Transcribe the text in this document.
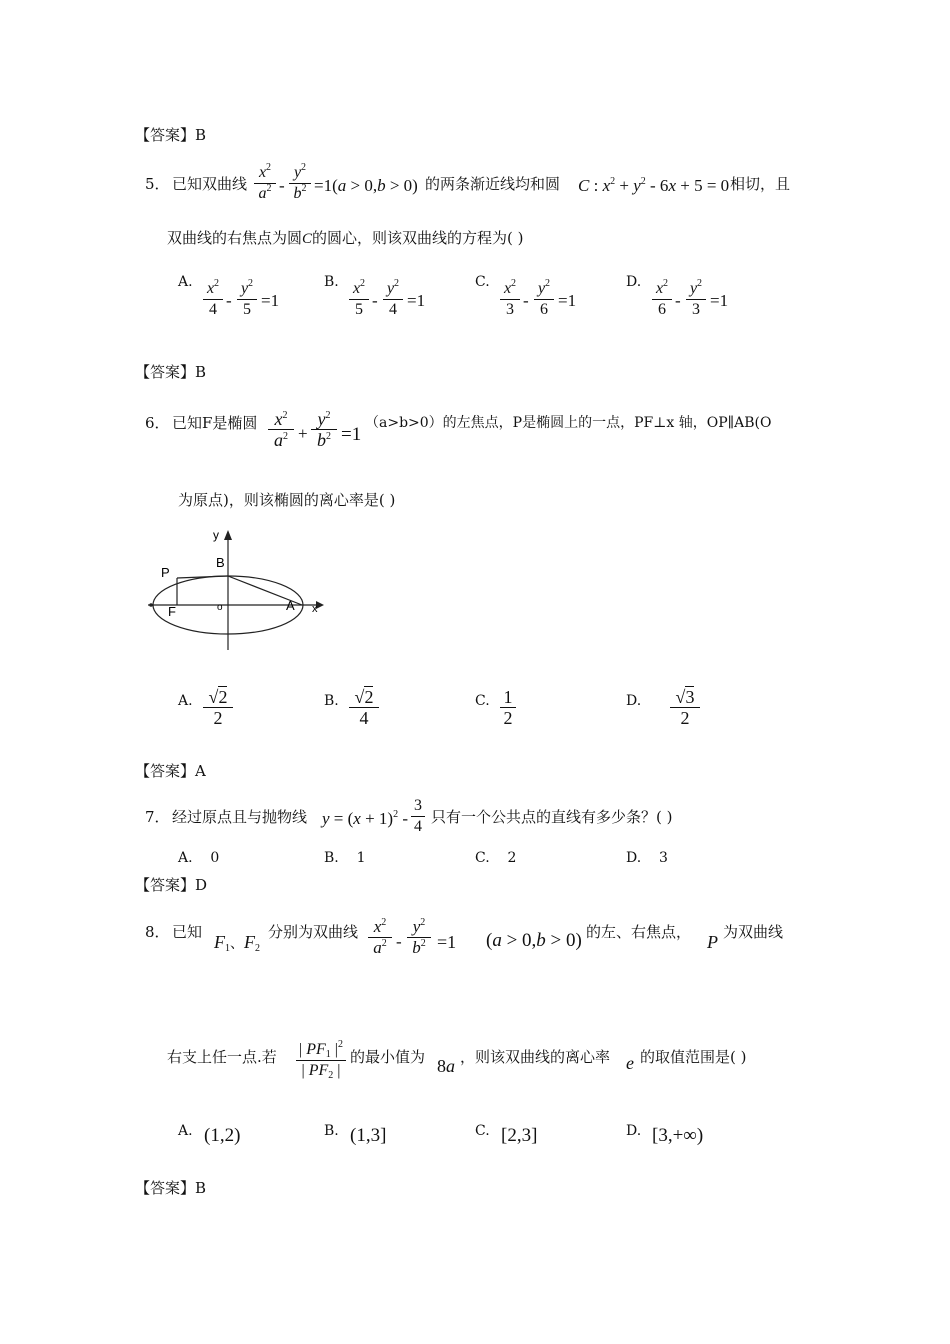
【答案】B
5． 已知双曲线
$x^2$
$a^2$ -
$y^2$
$b^2 =1(a > 0,b > 0)$ 的两条渐近线均和圆 C : $x^2 + y^2 - 6x + 5 = 0$ 相切，且
双曲线的右焦点为圆C的圆心，则该双曲线的方程为( )
A. $x^2$
4 -
$y^2$
5 =1
B. $x^2$
5 -
$y^2$
4 =1
C. $x^2$
3 -
$y^2$
6 =1
D. $x^2$
6 -
$y^2$
3 =1
【答案】B
6． 已知F是椭圆 $x^2$
$a^2$ +
$y^2$
$b^2 =1$
（a>b>0）的左焦点，P是椭圆上的一点，PF⊥x 轴，OP∥AB(O
为原点)，则该椭圆的离心率是( )
y
P
B
F	o	A x
A. √2
2
B. √2
4
C. 1
2
D.	√3
2
【答案】A
7． 经过原点且与抛物线 $y = (x + 1)^2$ -
3
4
只有一个公共点的直线有多少条？( )
A. 0	B. 1	C. 2	D. 3
【答案】D
8． 已知 $F_1$、$F_2$
分别为双曲线 $x^2$
$a^2$ -
$y^2$
$b^2 =1$ (a > 0,b > 0) 的左、右焦点， P 为双曲线
右支上任一点.若 | $PF_1$ $|^2$
| $PF_2$ |
的最小值为 8a ，则该双曲线的离心率 e 的取值范围是( )
A. (1,2)	B. (1,3]	C. [2,3]	D. [3,+∞)
【答案】B
